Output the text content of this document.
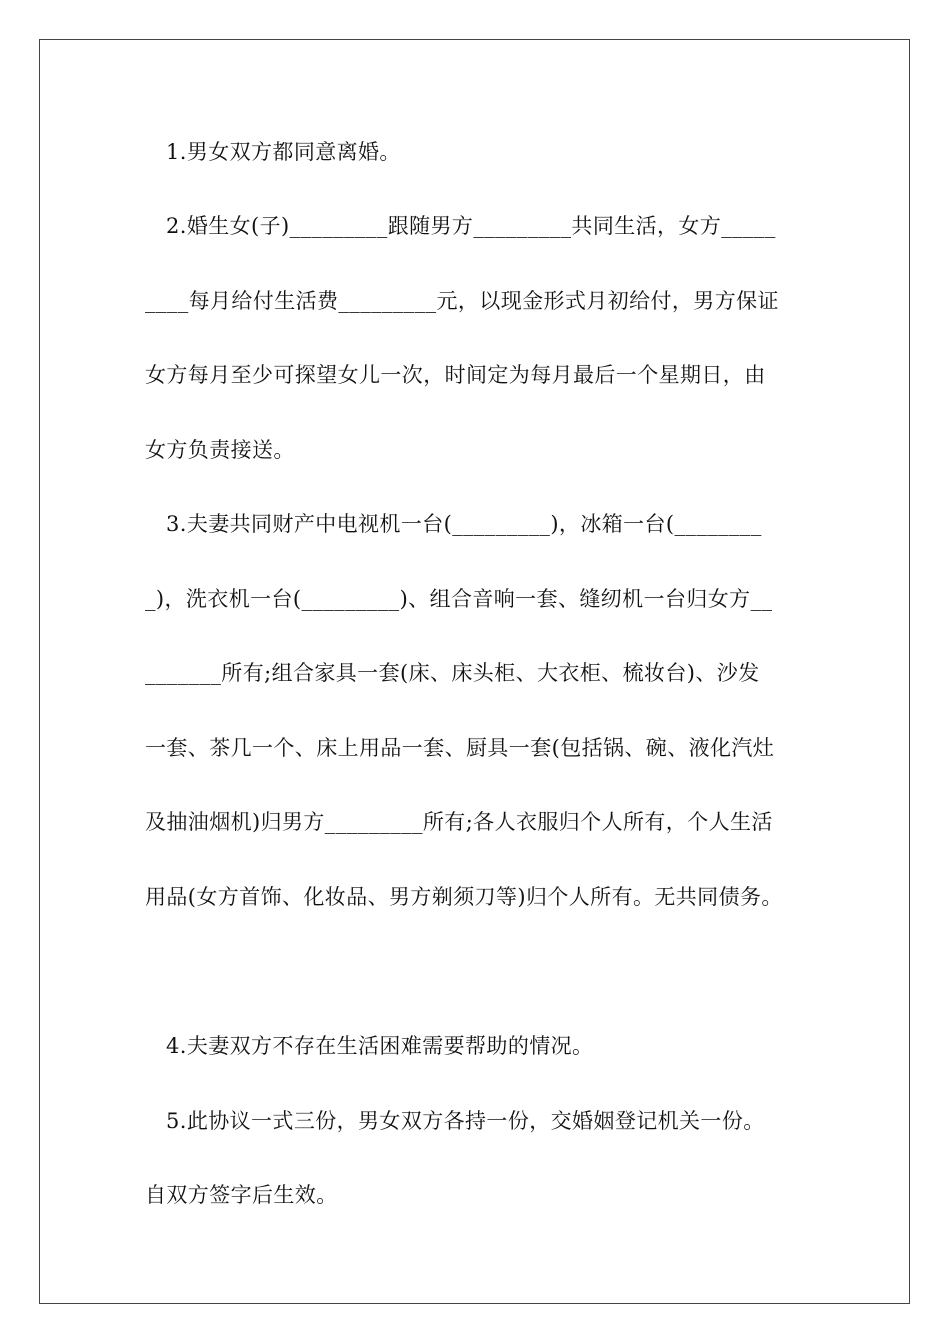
1.男女双方都同意离婚。
2.婚生女(子)_________跟随男方_________共同生活，女方_____
____每月给付生活费_________元，以现金形式月初给付，男方保证
女方每月至少可探望女儿一次，时间定为每月最后一个星期日，由
女方负责接送。
3.夫妻共同财产中电视机一台(_________)，冰箱一台(________
_)，洗衣机一台(_________)、组合音响一套、缝纫机一台归女方__
_______所有;组合家具一套(床、床头柜、大衣柜、梳妆台)、沙发
一套、茶几一个、床上用品一套、厨具一套(包括锅、碗、液化汽灶
及抽油烟机)归男方_________所有;各人衣服归个人所有，个人生活
用品(女方首饰、化妆品、男方剃须刀等)归个人所有。无共同债务。
4.夫妻双方不存在生活困难需要帮助的情况。
5.此协议一式三份，男女双方各持一份，交婚姻登记机关一份。
自双方签字后生效。
